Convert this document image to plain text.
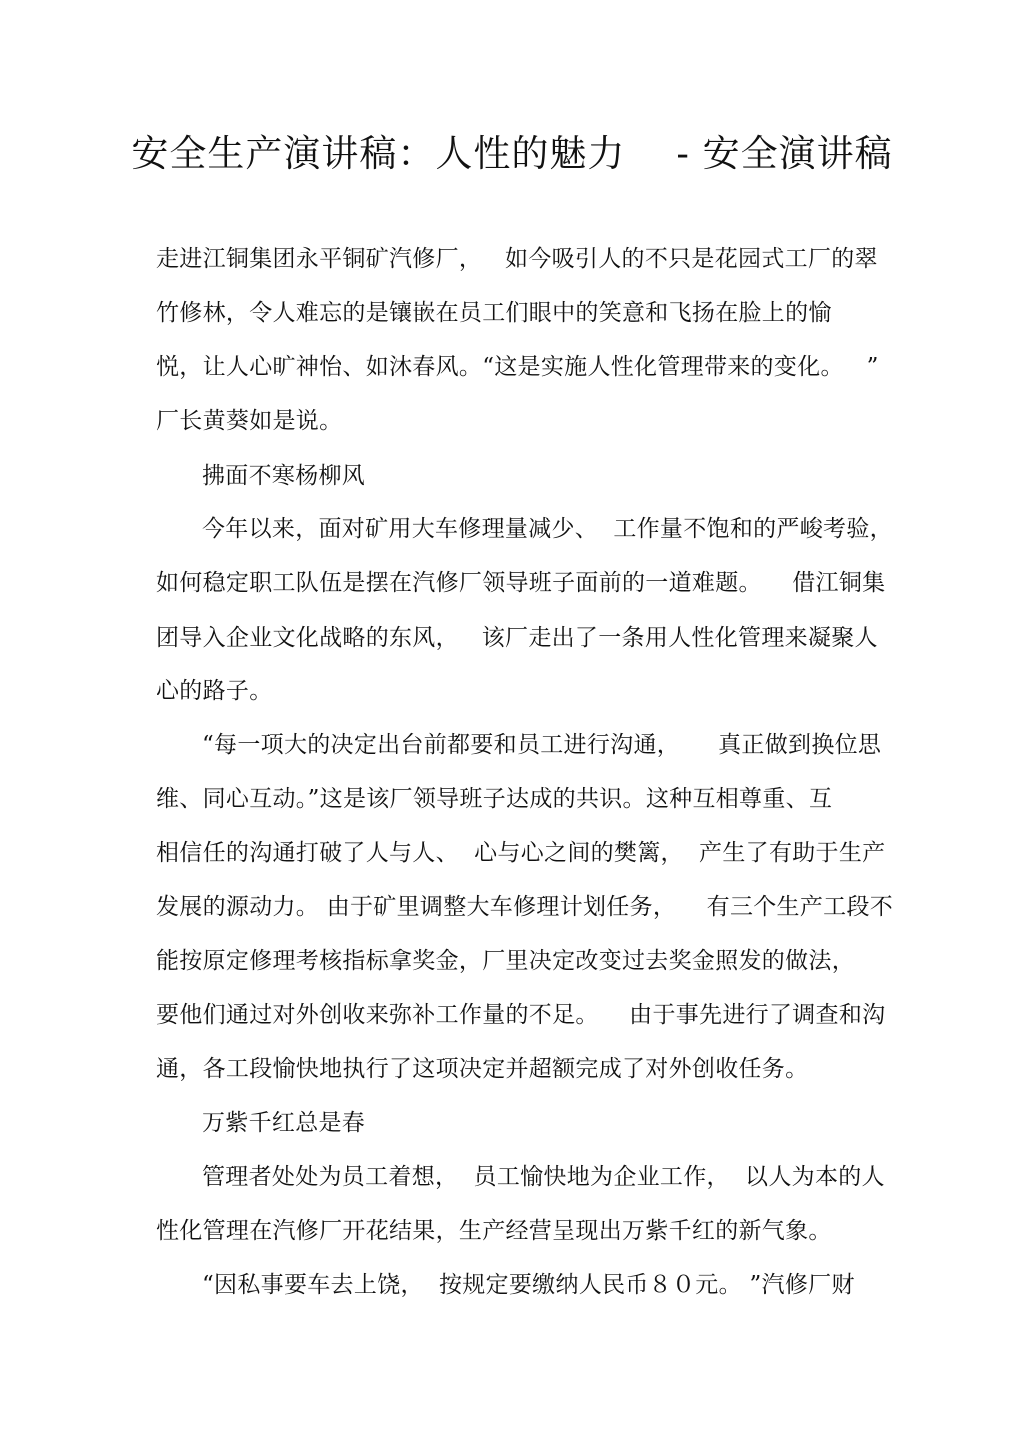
安全生产演讲稿：人性的魅力    - 安全演讲稿
走进江铜集团永平铜矿汽修厂，   如今吸引人的不只是花园式工厂的翠
竹修林，令人难忘的是镶嵌在员工们眼中的笑意和飞扬在脸上的愉
悦，让人心旷神怡、如沐春风。“这是实施人性化管理带来的变化。   ”
厂长黄葵如是说。
拂面不寒杨柳风
今年以来，面对矿用大车修理量减少、  工作量不饱和的严峻考验，
如何稳定职工队伍是摆在汽修厂领导班子面前的一道难题。    借江铜集
团导入企业文化战略的东风，   该厂走出了一条用人性化管理来凝聚人
心的路子。
“每一项大的决定出台前都要和员工进行沟通，     真正做到换位思
维、同心互动。”这是该厂领导班子达成的共识。这种互相尊重、互
相信任的沟通打破了人与人、  心与心之间的樊篱，  产生了有助于生产
发展的源动力。 由于矿里调整大车修理计划任务，    有三个生产工段不
能按原定修理考核指标拿奖金，厂里决定改变过去奖金照发的做法，
要他们通过对外创收来弥补工作量的不足。    由于事先进行了调查和沟
通，各工段愉快地执行了这项决定并超额完成了对外创收任务。
万紫千红总是春
管理者处处为员工着想，  员工愉快地为企业工作，  以人为本的人
性化管理在汽修厂开花结果，生产经营呈现出万紫千红的新气象。
“因私事要车去上饶，  按规定要缴纳人民币８０元。 ”汽修厂财
